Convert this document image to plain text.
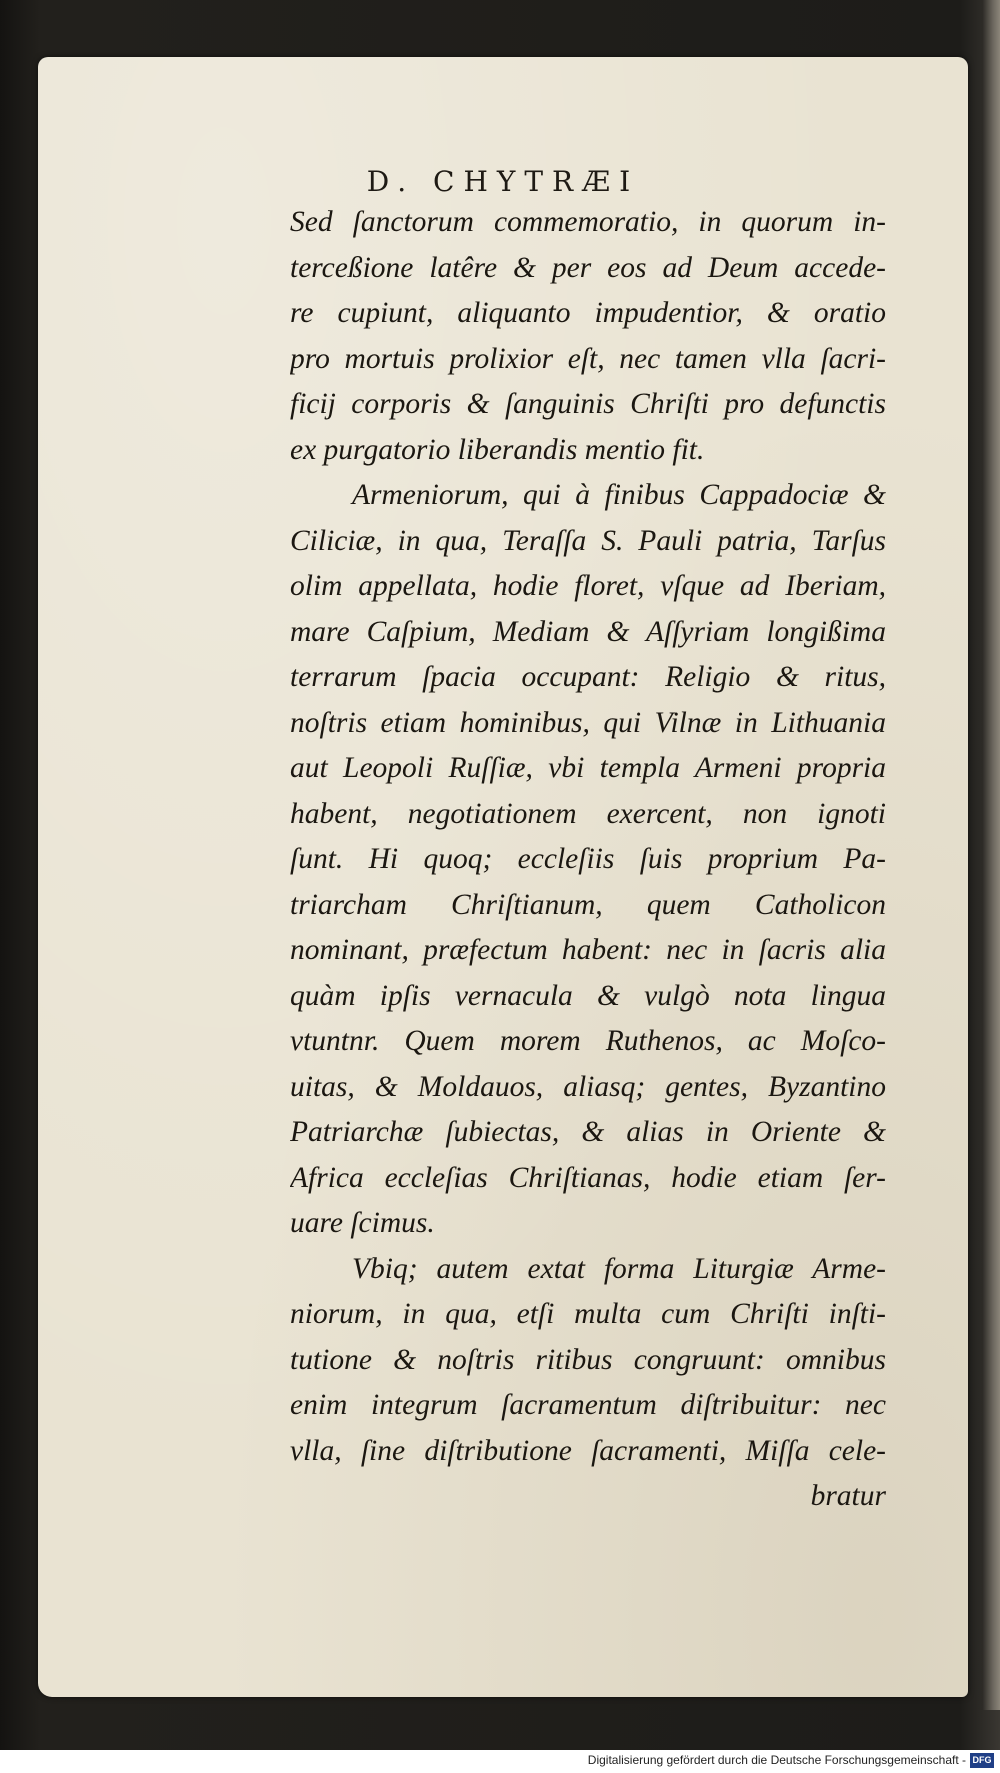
D. CHYTRÆI
Sed ſanctorum commemoratio, in quorum in-
terceßione latêre & per eos ad Deum accede-
re cupiunt, aliquanto impudentior, & oratio
pro mortuis prolixior eſt, nec tamen vlla ſacri-
ficij corporis & ſanguinis Chriſti pro defunctis
ex purgatorio liberandis mentio fit.
Armeniorum, qui à finibus Cappadociæ &
Ciliciæ, in qua, Teraſſa S. Pauli patria, Tarſus
olim appellata, hodie floret, vſque ad Iberiam,
mare Caſpium, Mediam & Aſſyriam longißima
terrarum ſpacia occupant: Religio & ritus,
noſtris etiam hominibus, qui Vilnæ in Lithuania
aut Leopoli Ruſſiæ, vbi templa Armeni propria
habent, negotiationem exercent, non ignoti
ſunt. Hi quoq; eccleſiis ſuis proprium Pa-
triarcham Chriſtianum, quem Catholicon
nominant, præfectum habent: nec in ſacris alia
quàm ipſis vernacula & vulgò nota lingua
vtuntnr. Quem morem Ruthenos, ac Moſco-
uitas, & Moldauos, aliasq; gentes, Byzantino
Patriarchæ ſubiectas, & alias in Oriente &
Africa eccleſias Chriſtianas, hodie etiam ſer-
uare ſcimus.
Vbiq; autem extat forma Liturgiæ Arme-
niorum, in qua, etſi multa cum Chriſti inſti-
tutione & noſtris ritibus congruunt: omnibus
enim integrum ſacramentum diſtribuitur: nec
vlla, ſine diſtributione ſacramenti, Miſſa cele-
bratur
Digitalisierung gefördert durch die Deutsche Forschungsgemeinschaft - DFG
